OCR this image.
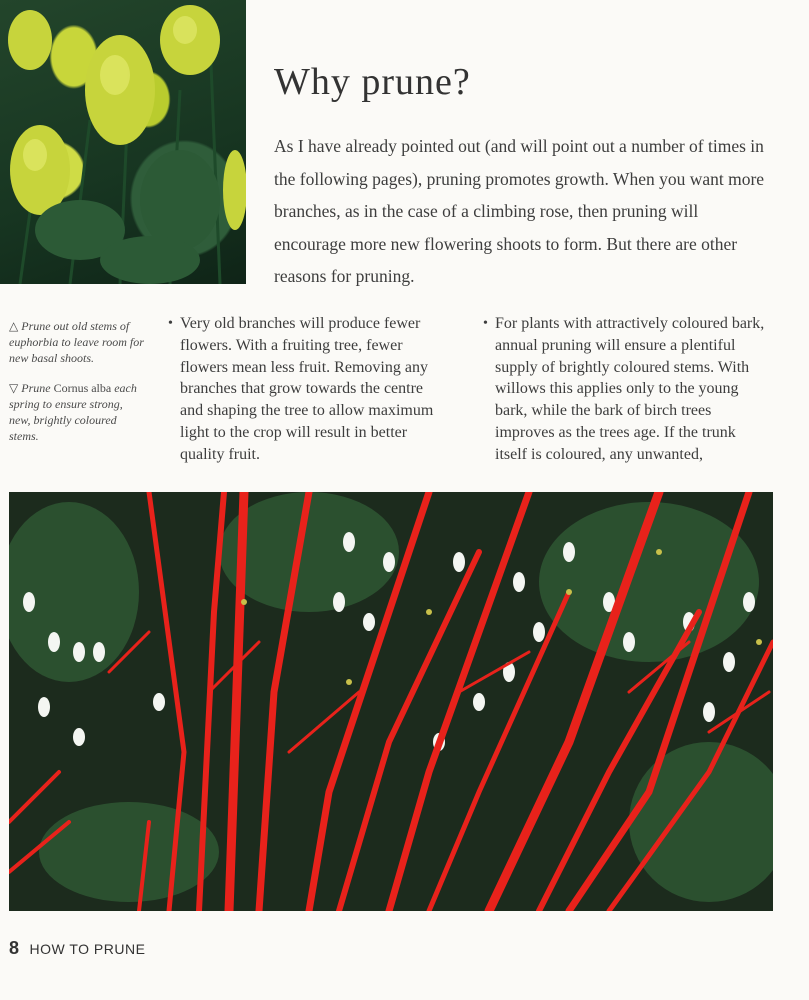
Why prune?

As I have already pointed out (and will point out a number of times in the following pages), pruning promotes growth. When you want more branches, as in the case of a climbing rose, then pruning will encourage more new flowering shoots to form. But there are other reasons for pruning.

△ Prune out old stems of euphorbia to leave room for new basal shoots.

▽ Prune Cornus alba each spring to ensure strong, new, brightly coloured stems.

• Very old branches will produce fewer flowers. With a fruiting tree, fewer flowers mean less fruit. Removing any branches that grow towards the centre and shaping the tree to allow maximum light to the crop will result in better quality fruit.

• For plants with attractively coloured bark, annual pruning will ensure a plentiful supply of brightly coloured stems. With willows this applies only to the young bark, while the bark of birch trees improves as the trees age. If the trunk itself is coloured, any unwanted,

8 HOW TO PRUNE
